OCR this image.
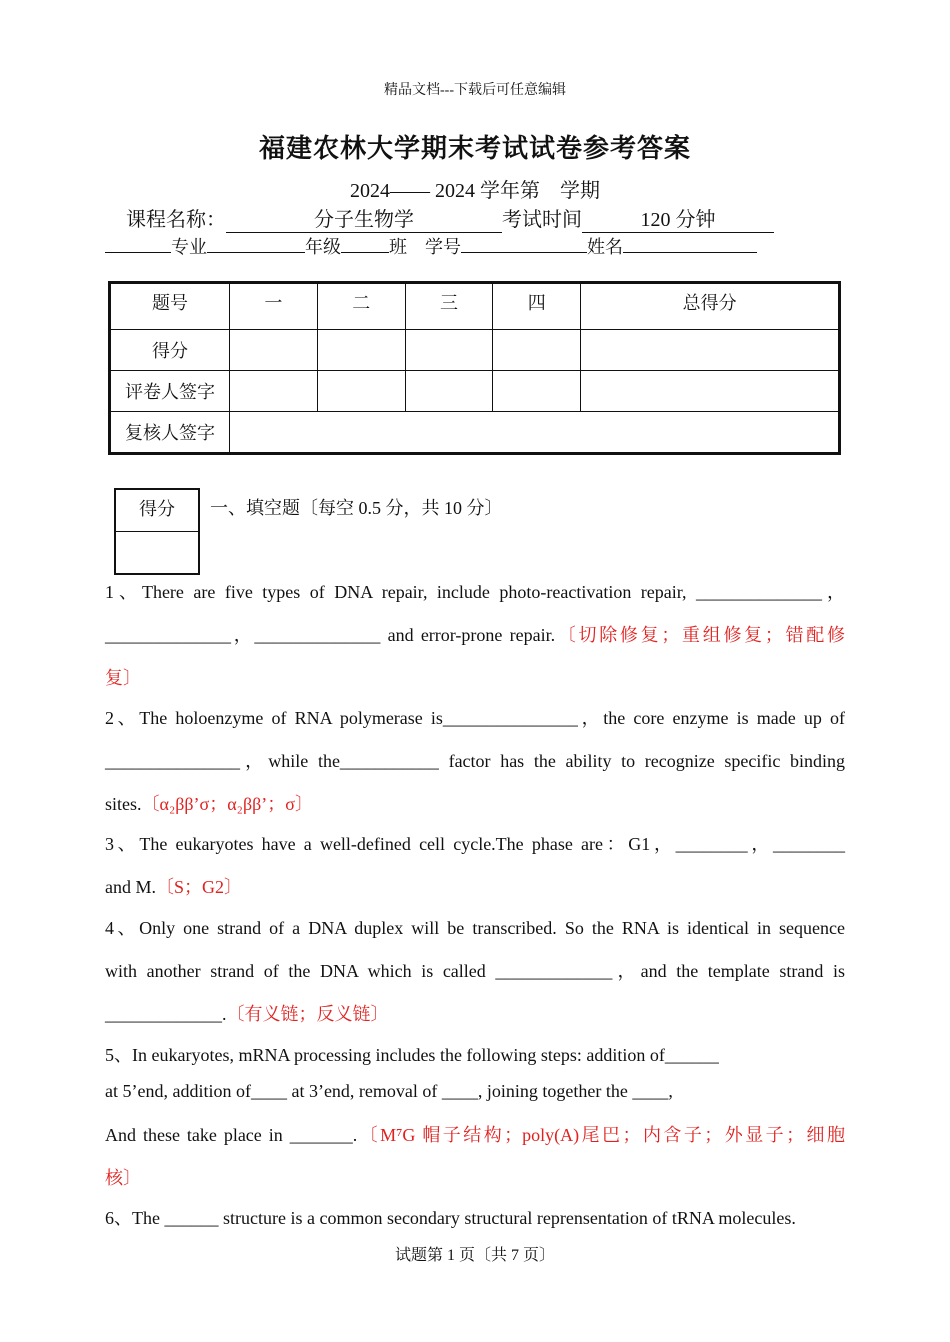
精品文档---下载后可任意编辑
福建农林大学期末考试试卷参考答案
2024—— 2024 学年第　学期
课程名称：	分子生物学	考试时间	120 分钟
专业	年级	班　 学号	姓名
题号	一	二	三	四	总得分
得分					
评卷人签字					
复核人签字					
得分	一、填空题〔每空 0.5 分，共 10 分〕
1、There are five types of DNA repair, include photo-reactivation repair, ______________，
______________，______________ and error-prone repair.〔切除修复；重组修复；错配修
复〕
2、The holoenzyme of RNA polymerase is_______________，the core enzyme is made up of
_______________，while the___________ factor has the ability to recognize specific binding
sites.〔α₂ββ’σ；α₂ββ’；σ〕
3、The eukaryotes have a well-defined cell cycle.The phase are：G1，________，________
and M.〔S；G2〕
4、Only one strand of a DNA duplex will be transcribed. So the RNA is identical in sequence
with another strand of the DNA which is called _____________，and the template strand is
_____________.〔有义链；反义链〕
5、In eukaryotes, mRNA processing includes the following steps: addition of______
at 5’end, addition of____ at 3’end, removal of ____, joining together the ____,
And these take place in _______.〔M⁷G 帽子结构；poly(A)尾巴；内含子；外显子；细胞
核〕
6、The ______ structure is a common secondary structural reprensentation of tRNA molecules.
试题第 1 页〔共 7 页〕
